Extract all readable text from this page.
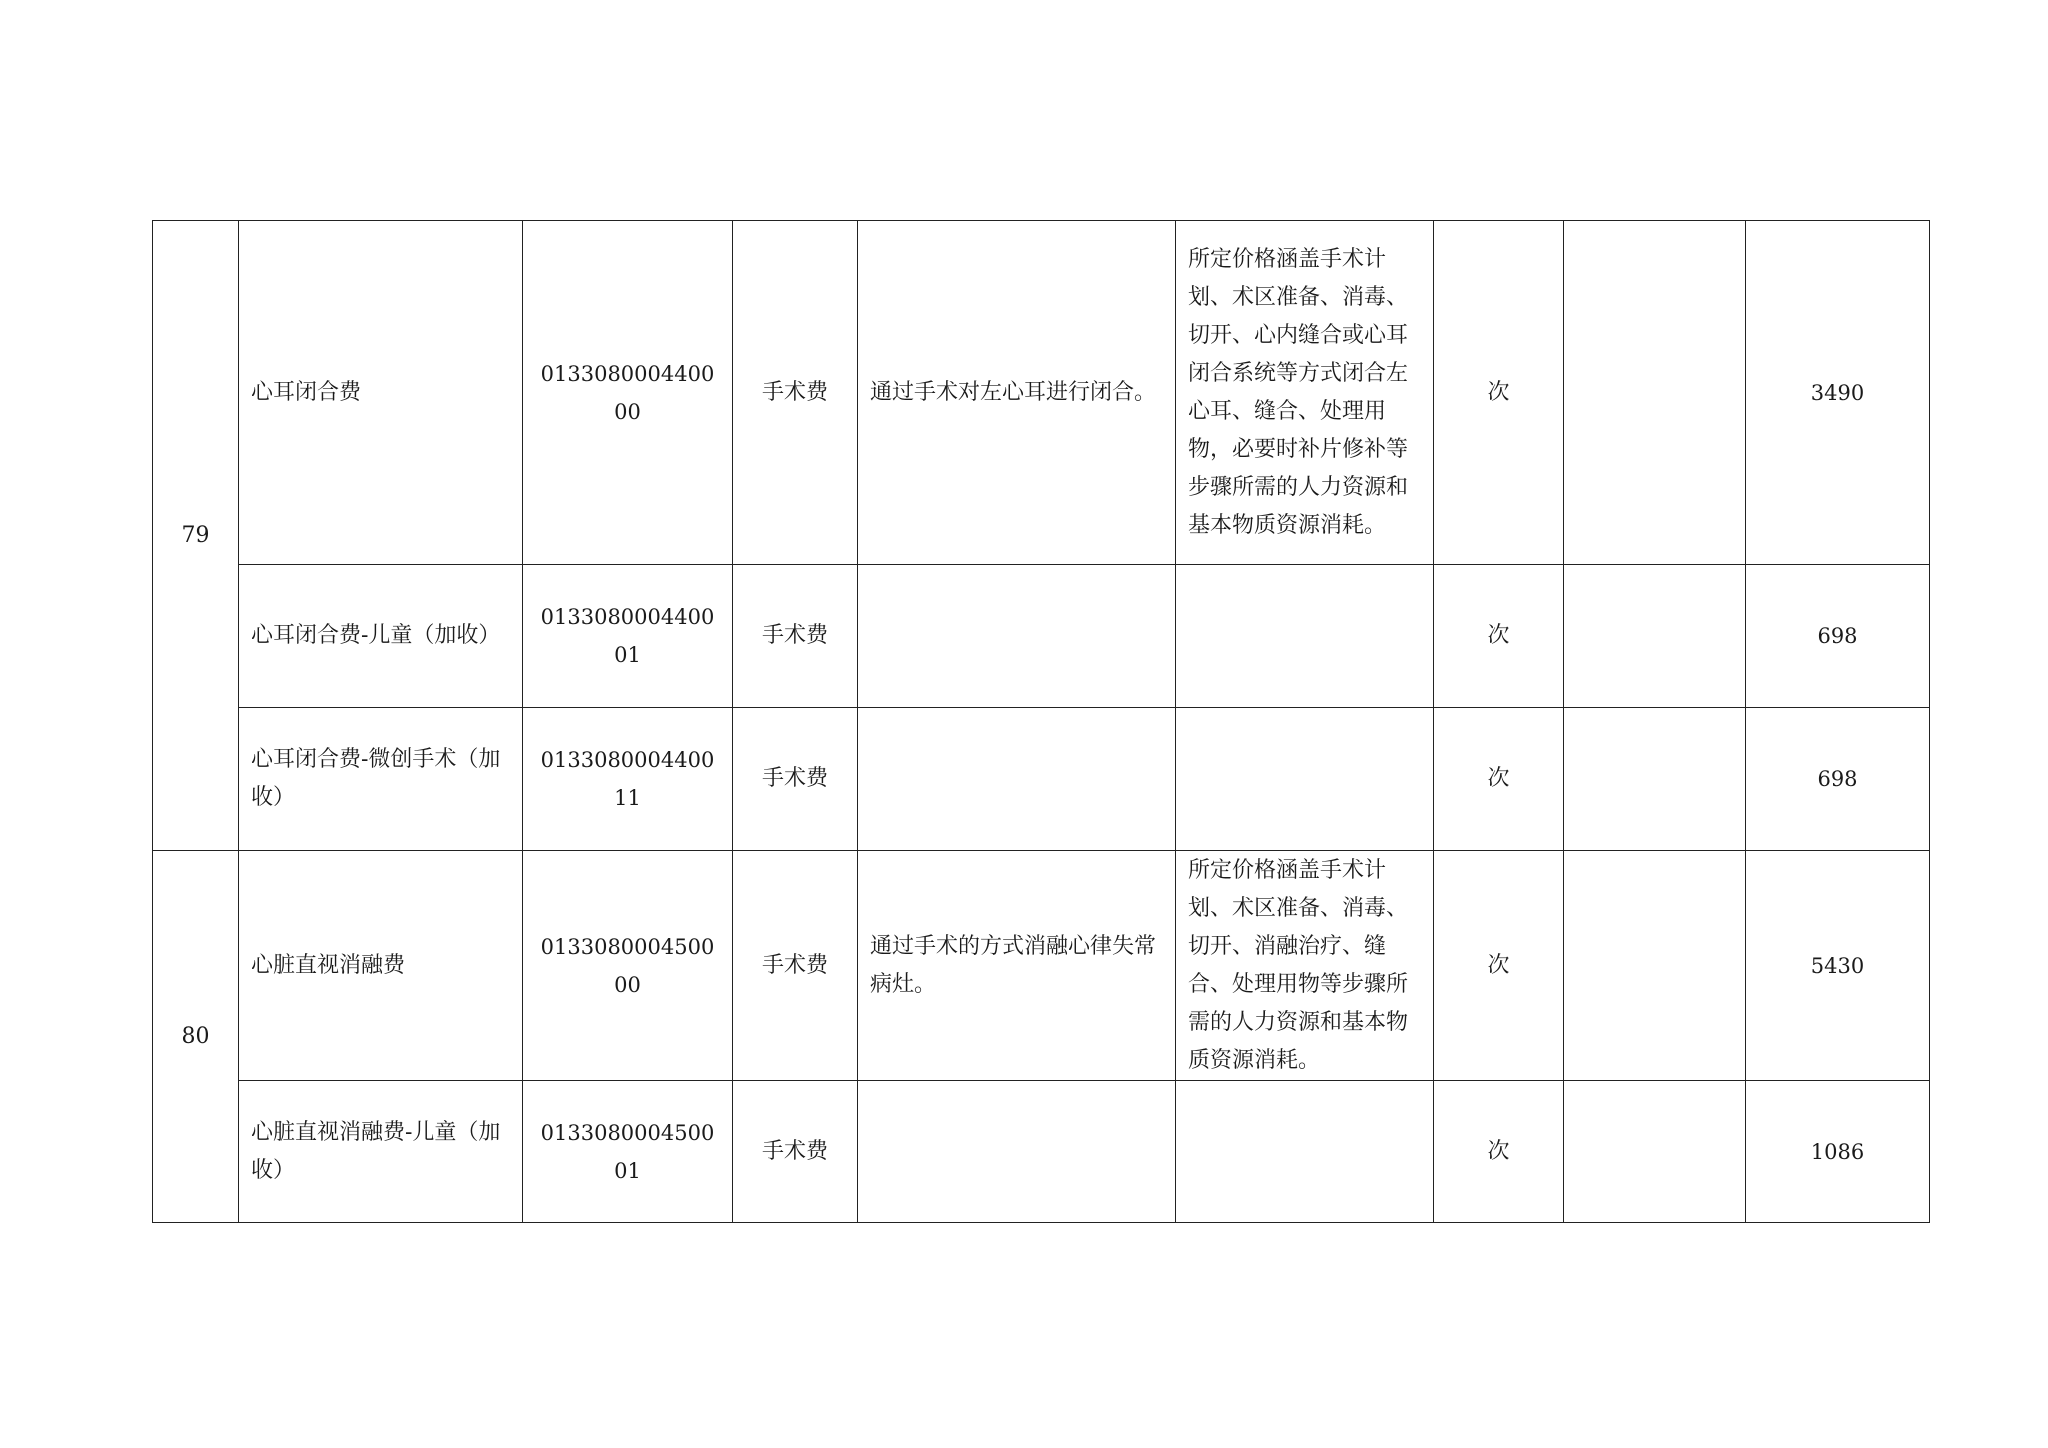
79	心耳闭合费	013308000440000	手术费	通过手术对左心耳进行闭合。	所定价格涵盖手术计划、术区准备、消毒、切开、心内缝合或心耳闭合系统等方式闭合左心耳、缝合、处理用物，必要时补片修补等步骤所需的人力资源和基本物质资源消耗。	次		3490
	心耳闭合费-儿童（加收）	013308000440001	手术费			次		698
	心耳闭合费-微创手术（加收）	013308000440011	手术费			次		698
80	心脏直视消融费	013308000450000	手术费	通过手术的方式消融心律失常病灶。	所定价格涵盖手术计划、术区准备、消毒、切开、消融治疗、缝合、处理用物等步骤所需的人力资源和基本物质资源消耗。	次		5430
	心脏直视消融费-儿童（加收）	013308000450001	手术费			次		1086
